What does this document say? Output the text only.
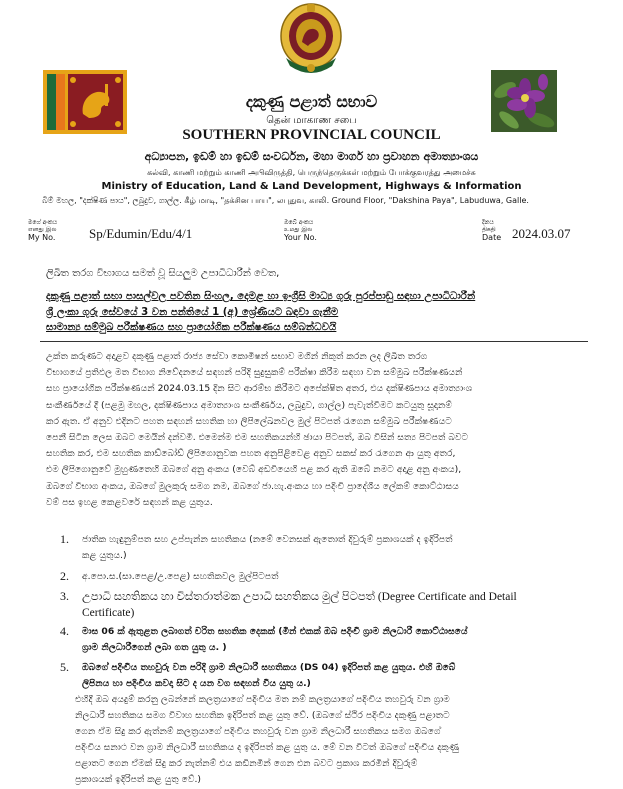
දකුණු පළාත් සභාව
தென் மாகாண சபை
SOUTHERN PROVINCIAL COUNCIL
අධ්‍යාපන, ඉඩම් හා ඉඩම් සංවර්ධන, මහා මාර්ග හා ප්‍රවාහන අමාත්‍යාංශය
கல்வி, காணி மற்றும் காணி அபிவிருத்தி, பெருந்தெருக்கள் மற்றும் போக்குவரத்து அமைச்சு
Ministry of Education, Land & Land Development, Highways & Information
බිම් මහල, "දක්ෂිණ පාය", ලබුදුව, ගාල්ල. கீழ் மாடி, "தக்சின பாய", லபுதுவ, காலி. Ground Floor, "Dakshina Paya", Labuduwa, Galle.
මගේ අංකය
எனது இல
My No.	Sp/Edumin/Edu/4/1
ඔබේ අංකය
உமது இல
Your No.
දිනය
திகதி
Date 2024.03.07
ලිඛිත තරග විභාගය සමත් වූ සියලුම උපාධිධාරීන් වෙත,
දකුණු පළාත් සභා පාසල්වල පවතින සිංහල, දෙමළ හා ඉංග්‍රීසි මාධ්‍ය ගුරු පුරප්පාඩු සඳහා උපාධිධාරීන්
ශ්‍රී ලංකා ගුරු සේවයේ 3 වන පන්තියේ 1 (අ) ශ්‍රේණියට බඳවා ගැනීම
සාමාන්‍ය සම්මුඛ පරීක්ෂණය සහ ප්‍රායෝගික පරීක්ෂණය සම්බන්ධවයි
උක්ත කරුණට අදාළව දකුණු පළාත් රාජ්‍ය සේවා කොමිෂන් සභාව මගින් නිකුත් කරන ලද ලිඛිත තරග
විභාගයේ ප්‍රතිඵල මත විභාග නිවේදනයේ සඳහන් පරිදි සුදුසුකම් පරීක්ෂා කිරීම සඳහා වන සම්මුඛ පරීක්ෂණයන්
සහ ප්‍රායෝගික පරීක්ෂණයන් 2024.03.15 දින සිට ආරම්භ කිරීමට අපේක්ෂිත අතර, එය දක්ෂිණපාය අමාත්‍යාංශ
සංකීර්ණයේ දී (පළමු මහල, දක්ෂිණපාය අමාත්‍යාංශ සංකීර්ණය, ලබුදුව, ගාල්ල) පැවැත්වීමට කටයුතු සූදානම්
කර ඇත. ඒ අනුව එදිනට පහත සඳහන් සහතික හා ලිපිලේඛනවල මුල් පිටපත් රැගෙන සම්මුඛ පරීක්ෂණයට
පෙනී සිටින ලෙස ඔබට මෙයින් දන්වමි. එමෙන්ම එම සහතිකයන්හි ඡායා පිටපත්, ඔබ විසින් සත්‍ය පිටපත් බවට
සහතික කර, එම සහතික කාඩ්බෝඩ් ලිපිගොනුවක පහත අනුපිළිවෙළ අනුව සකස් කර රැගෙන ආ යුතු අතර,
එම ලිපිගොනුවේ මුහුණතෙහි ඔබගේ අනු අංකය (වෙබ් අඩවියෙහි පළ කර ඇති ඔබේ නමට අදාළ අනු අංකය),
ඔබගේ විභාග අංකය, ඔබගේ මුලකුරු සමග නම, ඔබගේ ජා.හැ.අංකය හා පදිංචි ප්‍රාදේශීය ලේකම් කොට්ඨාසය
වම් පස ඉහළ කෙළවරේ සඳහන් කළ යුතුය.
1.	ජාතික හැඳුනුම්පත සහ උප්පැන්න සහතිකය (නමේ වෙනසක් ඇතොත් දිවුරුම් ප්‍රකාශයක් ද ඉදිරිපත්
කළ යුතුය.)
2.	අ.පො.ස.(සා.පෙළ/උ.පෙළ) සහතිකවල මුල්පිටපත්
3.	උපාධි සහතිකය හා විස්තරාත්මක උපාධි සහතිකය මුල් පිටපත් (Degree Certificate and Detail
Certificate)
4.	මාස 06 ක් ඇතුළත ලබාගත් චරිත සහතික දෙකක් (මින් එකක් ඔබ පදිංචි ග්‍රාම නිලධාරී කොට්ඨාසයේ
ග්‍රාම නිලධාරීගෙන් ලබා ගත යුතු ය. )
5.	ඔබගේ පදිංචිය තහවුරු වන පරිදි ග්‍රාම නිලධාරී සහතිකය (DS 04) ඉදිරිපත් කළ යුතුය. එහි ඔබේ
ලිපිනය හා පදිංචිය කවදා සිට ද යන වග සඳහන් විය යුතු ය.)
එහිදී ඔබ අයදුම් කරනු ලබන්නේ කලත්‍රයාගේ පදිංචිය මත නම් කලත්‍රයාගේ පදිංචිය තහවුරු වන ග්‍රාම
නිලධාරී සහතිකය සමග විවාහ සහතික ඉදිරිපත් කළ යුතු වේ. (ඔබගේ ස්ථිර පදිංචිය දකුණු පළාතට
ගෙන ඒම සිදු කර ඇත්නම් කලත්‍රයාගේ පදිංචිය තහවුරු වන ග්‍රාම නිලධාරී සහතිකය සමග ඔබගේ
පදිංචිය සනාථ වන ග්‍රාම නිලධාරී සහතිකය ද ඉදිරිපත් කළ යුතු ය. මේ වන විටත් ඔබගේ පදිංචිය දකුණු
පළාතට ගෙන ඒමක් සිදු කර නැත්නම් එය කඩිනමින් ගෙන එන බවට ප්‍රකාශ කරමින් දිවුරුම්
ප්‍රකාශයක් ඉදිරිපත් කළ යුතු වේ.)
